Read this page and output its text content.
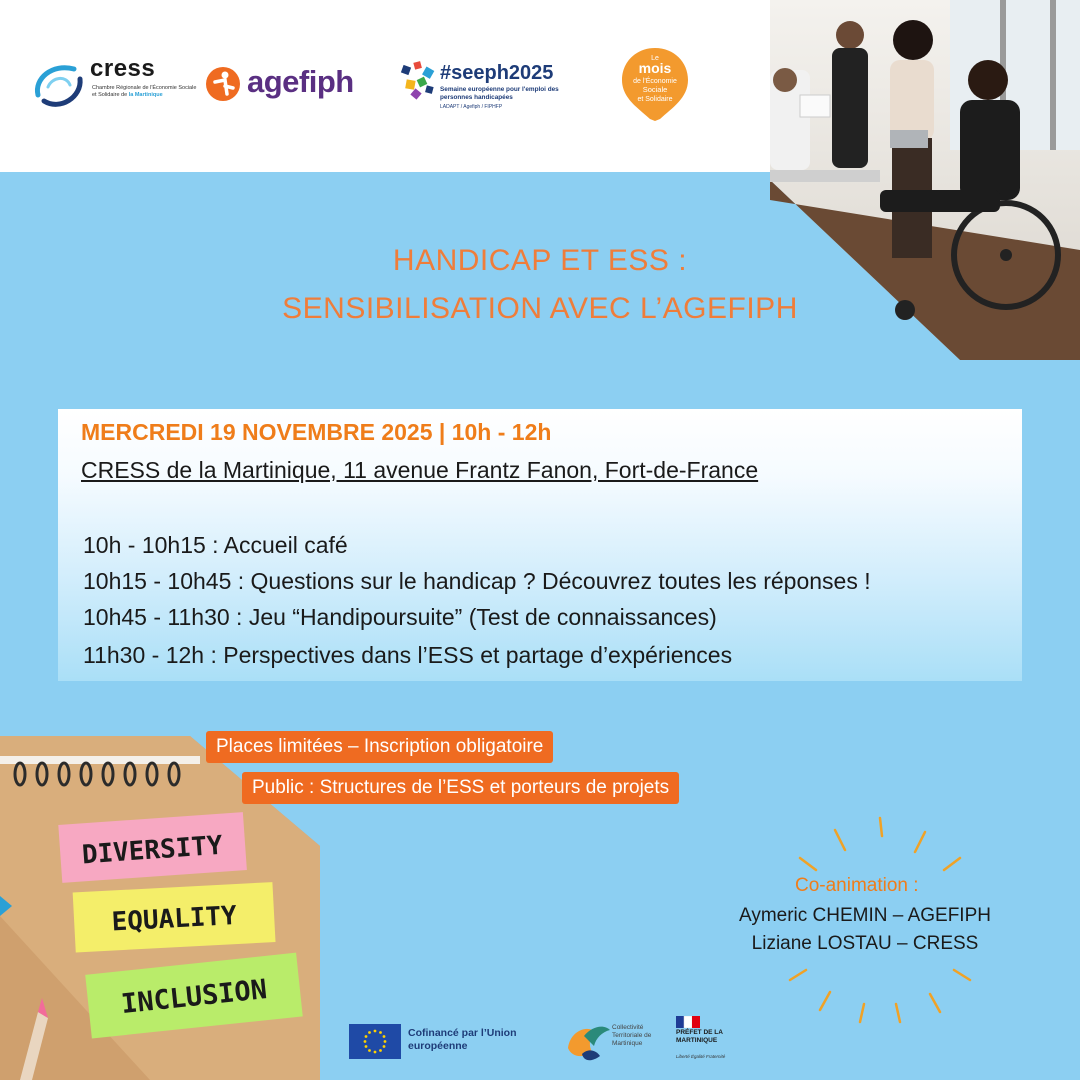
cress
Chambre Régionale de l'Économie Sociale et Solidaire de la Martinique	agefiph	#seeph2025
Semaine européenne pour l'emploi des personnes handicapées
LADAPT / Agefiph / FIPHFP
Le
mois
de l'Économie
Sociale
et Solidaire
HANDICAP ET ESS :
SENSIBILISATION AVEC L’AGEFIPH
MERCREDI 19 NOVEMBRE 2025 | 10h - 12h
CRESS de la Martinique, 11 avenue Frantz Fanon, Fort-de-France
10h - 10h15 : Accueil café
10h15 - 10h45 : Questions sur le handicap ? Découvrez toutes les réponses !
10h45 - 11h30 : Jeu “Handipoursuite” (Test de connaissances)
11h30 - 12h : Perspectives dans l’ESS et partage d’expériences
DIVERSITY
EQUALITY
INCLUSION
Places limitées – Inscription obligatoire
Public : Structures de l’ESS et porteurs de projets
Co-animation :
Aymeric CHEMIN – AGEFIPH
Liziane LOSTAU – CRESS
Cofinancé par l’Union européenne
Collectivité Territoriale de Martinique
PRÉFET DE LA MARTINIQUE
Liberté Égalité Fraternité
